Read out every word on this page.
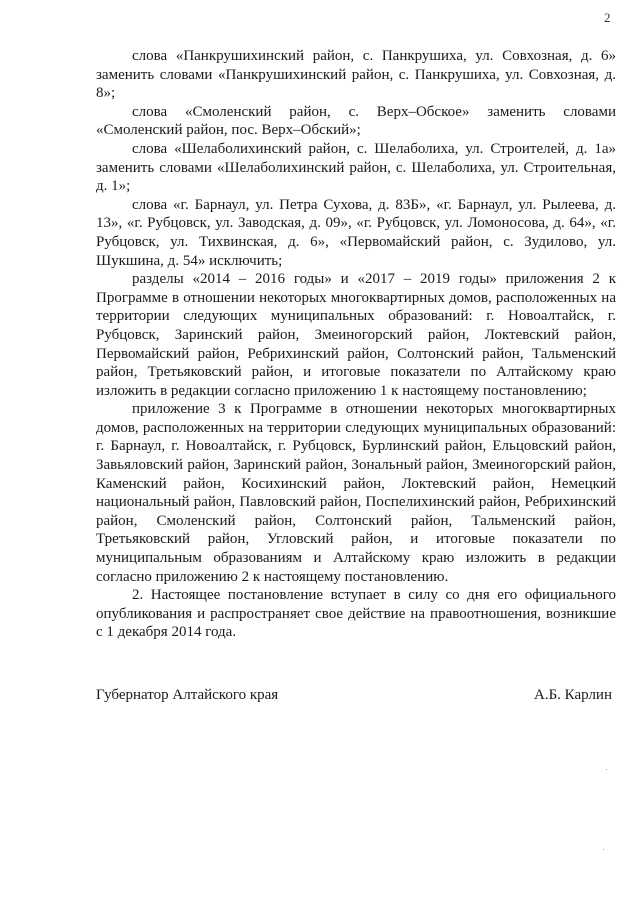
2

слова «Панкрушихинский район, с. Панкрушиха, ул. Совхозная, д. 6» заменить словами «Панкрушихинский район, с. Панкрушиха, ул. Совхозная, д. 8»;

слова «Смоленский район, с. Верх–Обское» заменить словами «Смоленский район, пос. Верх–Обский»;

слова «Шелаболихинский район, с. Шелаболиха, ул. Строителей, д. 1а» заменить словами «Шелаболихинский район, с. Шелаболиха, ул. Строительная, д. 1»;

слова «г. Барнаул, ул. Петра Сухова, д. 83Б», «г. Барнаул, ул. Рылеева, д. 13», «г. Рубцовск, ул. Заводская, д. 09», «г. Рубцовск, ул. Ломоносова, д. 64», «г. Рубцовск, ул. Тихвинская, д. 6», «Первомайский район, с. Зудилово, ул. Шукшина, д. 54» исключить;

разделы «2014 – 2016 годы» и «2017 – 2019 годы» приложения 2 к Программе в отношении некоторых многоквартирных домов, расположенных на территории следующих муниципальных образований: г. Новоалтайск, г. Рубцовск, Заринский район, Змеиногорский район, Локтевский район, Первомайский район, Ребрихинский район, Солтонский район, Тальменский район, Третьяковский район, и итоговые показатели по Алтайскому краю изложить в редакции согласно приложению 1 к настоящему постановлению;

приложение 3 к Программе в отношении некоторых многоквартирных домов, расположенных на территории следующих муниципальных образований: г. Барнаул, г. Новоалтайск, г. Рубцовск, Бурлинский район, Ельцовский район, Завьяловский район, Заринский район, Зональный район, Змеиногорский район, Каменский район, Косихинский район, Локтевский район, Немецкий национальный район, Павловский район, Поспелихинский район, Ребрихинский район, Смоленский район, Солтонский район, Тальменский район, Третьяковский район, Угловский район, и итоговые показатели по муниципальным образованиям и Алтайскому краю изложить в редакции согласно приложению 2 к настоящему постановлению.

2. Настоящее постановление вступает в силу со дня его официального опубликования и распространяет свое действие на правоотношения, возникшие с 1 декабря 2014 года.

Губернатор Алтайского края	А.Б. Карлин
